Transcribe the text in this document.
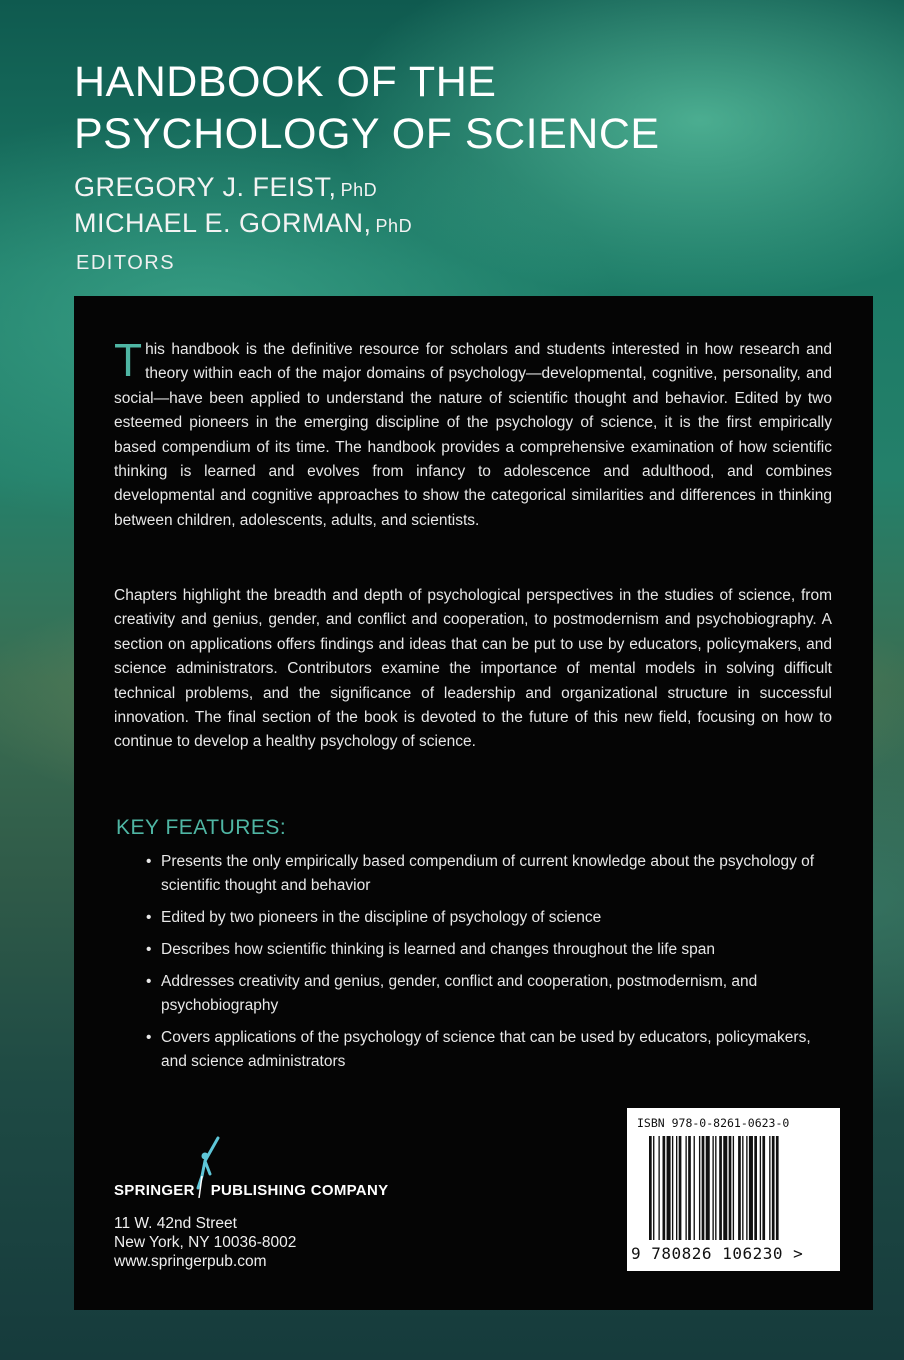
HANDBOOK OF THE
PSYCHOLOGY OF SCIENCE
GREGORY J. FEIST, PhD
MICHAEL E. GORMAN, PhD
EDITORS

This handbook is the definitive resource for scholars and students interested in how research and theory within each of the major domains of psychology—developmental, cognitive, personality, and social—have been applied to understand the nature of scientific thought and behavior. Edited by two esteemed pioneers in the emerging discipline of the psychology of science, it is the first empirically based compendium of its time. The handbook provides a comprehensive examination of how scientific thinking is learned and evolves from infancy to adolescence and adulthood, and combines developmental and cognitive approaches to show the categorical similarities and differences in thinking between children, adolescents, adults, and scientists.

Chapters highlight the breadth and depth of psychological perspectives in the studies of science, from creativity and genius, gender, and conflict and cooperation, to postmodernism and psychobiography. A section on applications offers findings and ideas that can be put to use by educators, policymakers, and science administrators. Contributors examine the importance of mental models in solving difficult technical problems, and the significance of leadership and organizational structure in successful innovation. The final section of the book is devoted to the future of this new field, focusing on how to continue to develop a healthy psychology of science.

KEY FEATURES:
• Presents the only empirically based compendium of current knowledge about the psychology of scientific thought and behavior
• Edited by two pioneers in the discipline of psychology of science
• Describes how scientific thinking is learned and changes throughout the life span
• Addresses creativity and genius, gender, conflict and cooperation, postmodernism, and psychobiography
• Covers applications of the psychology of science that can be used by educators, policymakers, and science administrators
SPRINGER PUBLISHING COMPANY
11 W. 42nd Street
New York, NY 10036-8002
www.springerpub.com
ISBN 978-0-8261-0623-0
9 780826 106230 >
